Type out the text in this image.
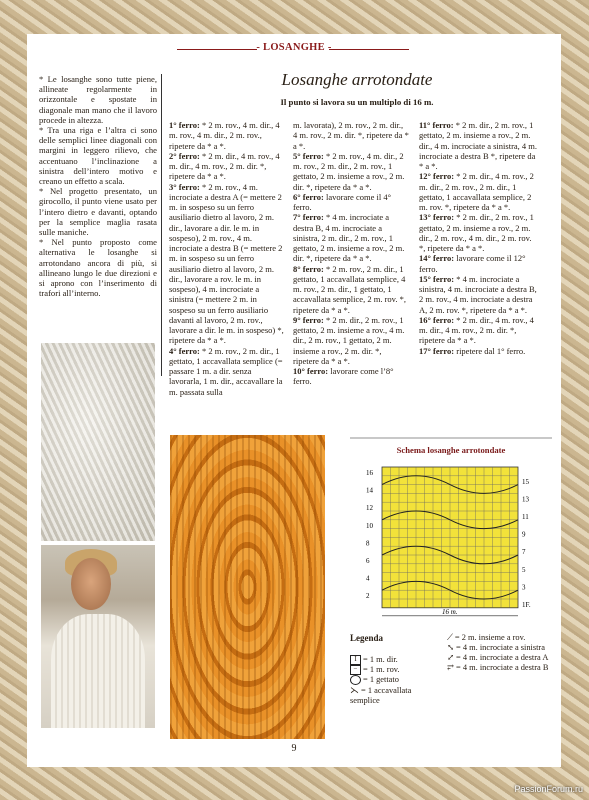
- LOSANGHE -

* Le losanghe sono tutte piene, allineate regolarmente in orizzontale e spostate in diagonale man mano che il lavoro procede in altezza.

* Tra una riga e l’altra ci sono delle semplici linee diagonali con margini in leggero rilievo, che accentuano l’inclinazione a sinistra dell’intero motivo e creano un effetto a scala.

* Nel progetto presentato, un girocollo, il punto viene usato per l’intero dietro e davanti, optando per la semplice maglia rasata sulle maniche.

* Nel punto proposto come alternativa le losanghe si arrotondano ancora di più, si allineano lungo le due direzioni e si aprono con l’inserimento di trafori all’interno.

Losanghe arrotondate
Il punto si lavora su un multiplo di 16 m.

1° ferro: * 2 m. rov., 4 m. dir., 4 m. rov., 4 m. dir., 2 m. rov., ripetere da * a *.

2° ferro: * 2 m. dir., 4 m. rov., 4 m. dir., 4 m. rov., 2 m. dir. *, ripetere da * a *.

3° ferro: * 2 m. rov., 4 m. incrociate a destra A (= mettere 2 m. in sospeso su un ferro ausiliario dietro al lavoro, 2 m. dir., lavorare a dir. le m. in sospeso), 2 m. rov., 4 m. incrociate a destra B (= mettere 2 m. in sospeso su un ferro ausiliario dietro al lavoro, 2 m. dir., lavorare a rov. le m. in sospeso), 4 m. incrociate a sinistra (= mettere 2 m. in sospeso su un ferro ausiliario davanti al lavoro, 2 m. rov., lavorare a dir. le m. in sospeso) *, ripetere da * a *.

4° ferro: * 2 m. rov., 2 m. dir., 1 gettato, 1 accavallata semplice (= passare 1 m. a dir. senza lavorarla, 1 m. dir., accavallare la m. passata sulla

m. lavorata), 2 m. rov., 2 m. dir., 4 m. rov., 2 m. dir. *, ripetere da * a *.

5° ferro: * 2 m. rov., 4 m. dir., 2 m. rov., 2 m. dir., 2 m. rov., 1 gettato, 2 m. insieme a rov., 2 m. dir. *, ripetere da * a *.

6° ferro: lavorare come il 4° ferro.

7° ferro: * 4 m. incrociate a destra B, 4 m. incrociate a sinistra, 2 m. dir., 2 m. rov., 1 gettato, 2 m. insieme a rov., 2 m. dir. *, ripetere da * a *.

8° ferro: * 2 m. rov., 2 m. dir., 1 gettato, 1 accavallata semplice, 4 m. rov., 2 m. dir., 1 gettato, 1 accavallata semplice, 2 m. rov. *, ripetere da * a *.

9° ferro: * 2 m. dir., 2 m. rov., 1 gettato, 2 m. insieme a rov., 4 m. dir., 2 m. rov., 1 gettato, 2 m. insieme a rov., 2 m. dir. *, ripetere da * a *.

10° ferro: lavorare come l’8° ferro.

11° ferro: * 2 m. dir., 2 m. rov., 1 gettato, 2 m. insieme a rov., 2 m. dir., 4 m. incrociate a sinistra, 4 m. incrociate a destra B *, ripetere da * a *.

12° ferro: * 2 m. dir., 4 m. rov., 2 m. dir., 2 m. rov., 2 m. dir., 1 gettato, 1 accavallata semplice, 2 m. rov. *, ripetere da * a *.

13° ferro: * 2 m. dir., 2 m. rov., 1 gettato, 2 m. insieme a rov., 2 m. dir., 2 m. rov., 4 m. dir., 2 m. rov. *, ripetere da * a *.

14° ferro: lavorare come il 12° ferro.

15° ferro: * 4 m. incrociate a sinistra, 4 m. incrociate a destra B, 2 m. rov., 4 m. incrociate a destra A, 2 m. rov. *, ripetere da * a *.

16° ferro: * 2 m. dir., 4 m. rov., 4 m. dir., 4 m. rov., 2 m. dir. *, ripetere da * a *.

17° ferro: ripetere dal 1° ferro.

Schema losanghe arrotondate
16
14
12
10
8
6
4
2
15
13
11
9
7
5
3
1F.
16 m.
Legenda
I = 1 m. dir.
− = 1 m. rov.
= 1 gettato
⋋ = 1 accavallata semplice
⟋ = 2 m. insieme a rov.
⤡ = 4 m. incrociate a sinistra
⤢ = 4 m. incrociate a destra A
⥂ = 4 m. incrociate a destra B
9
PassionForum.ru
